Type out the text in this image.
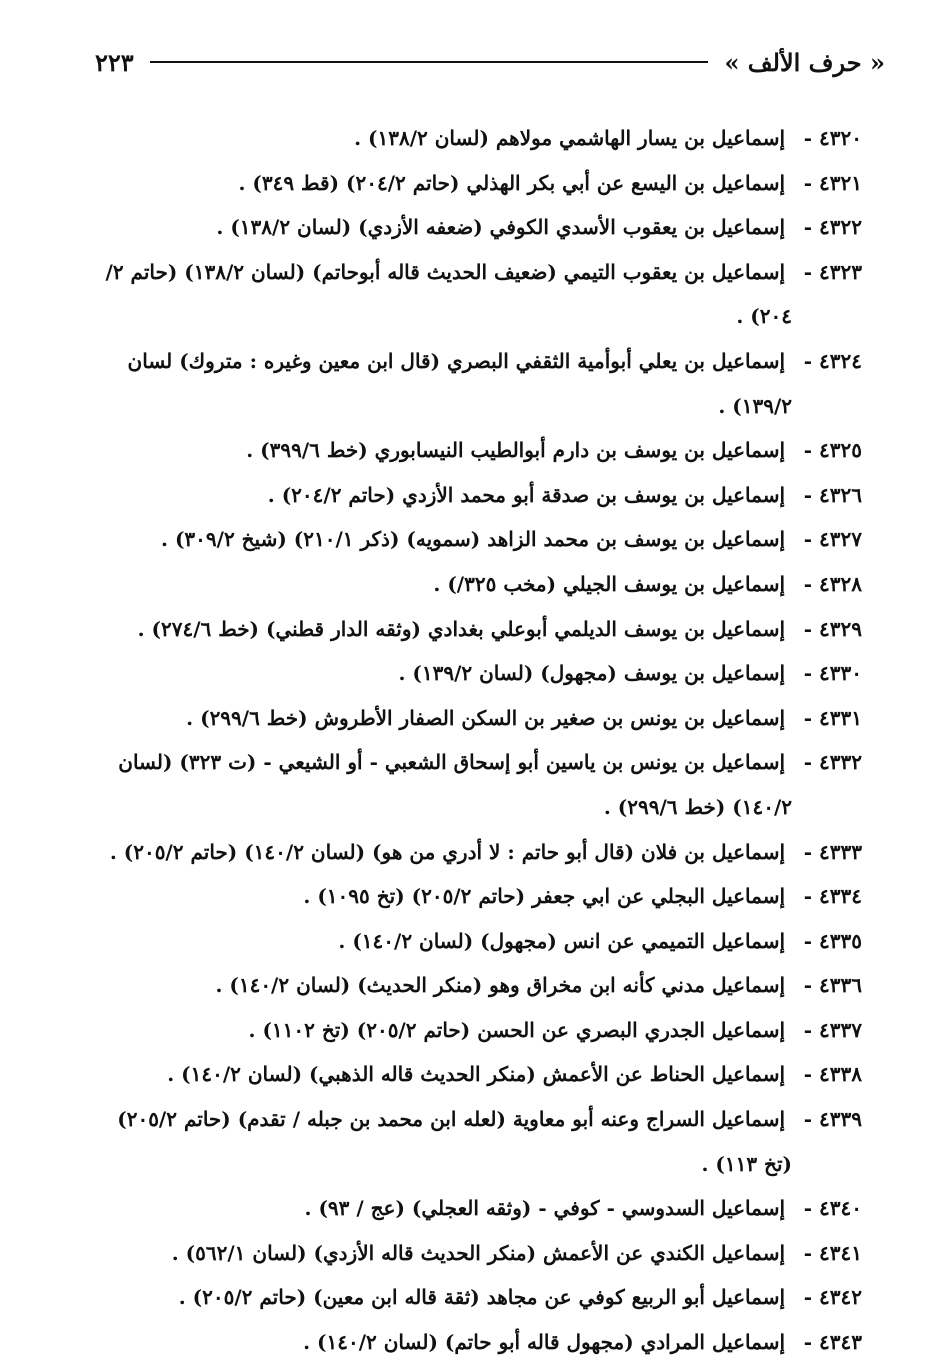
« حرف الألف »
٢٢٣

٤٣٢٠ - إسماعيل بن يسار الهاشمي مولاهم (لسان ١٣٨/٢) .

٤٣٢١ - إسماعيل بن اليسع عن أبي بكر الهذلي (حاتم ٢٠٤/٢) (قط ٣٤٩) .

٤٣٢٢ - إسماعيل بن يعقوب الأسدي الكوفي (ضعفه الأزدي) (لسان ١٣٨/٢) .

٤٣٢٣ - إسماعيل بن يعقوب التيمي (ضعيف الحديث قاله أبوحاتم) (لسان ١٣٨/٢) (حاتم ٢/ ٢٠٤) .

٤٣٢٤ - إسماعيل بن يعلي أبوأمية الثقفي البصري (قال ابن معين وغيره : متروك) لسان ١٣٩/٢) .

٤٣٢٥ - إسماعيل بن يوسف بن دارم أبوالطيب النيسابوري (خط ٣٩٩/٦) .

٤٣٢٦ - إسماعيل بن يوسف بن صدقة أبو محمد الأزدي (حاتم ٢٠٤/٢) .

٤٣٢٧ - إسماعيل بن يوسف بن محمد الزاهد (سمويه) (ذكر ٢١٠/١) (شيخ ٣٠٩/٢) .

٤٣٢٨ - إسماعيل بن يوسف الجيلي (مخب ٣٢٥/) .

٤٣٢٩ - إسماعيل بن يوسف الديلمي أبوعلي بغدادي (وثقه الدار قطني) (خط ٢٧٤/٦) .

٤٣٣٠ - إسماعيل بن يوسف (مجهول) (لسان ١٣٩/٢) .

٤٣٣١ - إسماعيل بن يونس بن صغير بن السكن الصفار الأطروش (خط ٢٩٩/٦) .

٤٣٣٢ - إسماعيل بن يونس بن ياسين أبو إسحاق الشعبي - أو الشيعي - (ت ٣٢٣) (لسان ١٤٠/٢) (خط ٢٩٩/٦) .

٤٣٣٣ - إسماعيل بن فلان (قال أبو حاتم : لا أدري من هو) (لسان ١٤٠/٢) (حاتم ٢٠٥/٢) .

٤٣٣٤ - إسماعيل البجلي عن ابي جعفر (حاتم ٢٠٥/٢) (تخ ١٠٩٥) .

٤٣٣٥ - إسماعيل التميمي عن انس (مجهول) (لسان ١٤٠/٢) .

٤٣٣٦ - إسماعيل مدني كأنه ابن مخراق وهو (منكر الحديث) (لسان ١٤٠/٢) .

٤٣٣٧ - إسماعيل الجدري البصري عن الحسن (حاتم ٢٠٥/٢) (تخ ١١٠٢) .

٤٣٣٨ - إسماعيل الحناط عن الأعمش (منكر الحديث قاله الذهبي) (لسان ١٤٠/٢) .

٤٣٣٩ - إسماعيل السراج وعنه أبو معاوية (لعله ابن محمد بن جبله / تقدم) (حاتم ٢٠٥/٢) (تخ ١١٣) .

٤٣٤٠ - إسماعيل السدوسي - كوفي - (وثقه العجلي) (عج / ٩٣) .

٤٣٤١ - إسماعيل الكندي عن الأعمش (منكر الحديث قاله الأزدي) (لسان ٥٦٢/١) .

٤٣٤٢ - إسماعيل أبو الربيع كوفي عن مجاهد (ثقة قاله ابن معين) (حاتم ٢٠٥/٢) .

٤٣٤٣ - إسماعيل المرادي (مجهول قاله أبو حاتم) (لسان ١٤٠/٢) .
